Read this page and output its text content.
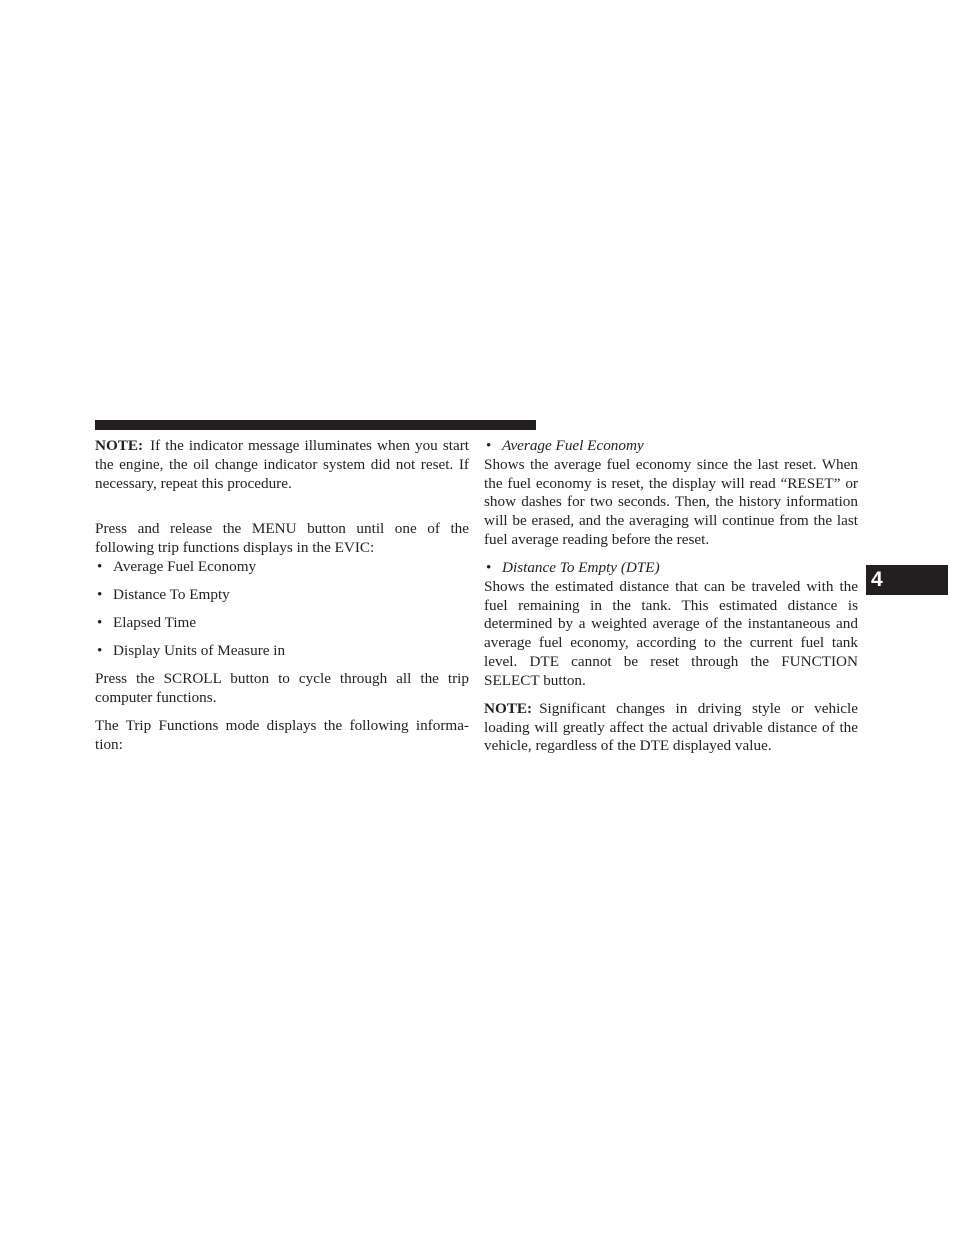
NOTE: If the indicator message illuminates when you start the engine, the oil change indicator system did not reset. If necessary, repeat this procedure.

Press and release the MENU button until one of the following trip functions displays in the EVIC:

• Average Fuel Economy
• Distance To Empty
• Elapsed Time
• Display Units of Measure in

Press the SCROLL button to cycle through all the trip computer functions.

The Trip Functions mode displays the following informa-tion:

• Average Fuel Economy

Shows the average fuel economy since the last reset. When the fuel economy is reset, the display will read “RESET” or show dashes for two seconds. Then, the history information will be erased, and the averaging will continue from the last fuel average reading before the reset.

• Distance To Empty (DTE)

Shows the estimated distance that can be traveled with the fuel remaining in the tank. This estimated distance is determined by a weighted average of the instantaneous and average fuel economy, according to the current fuel tank level. DTE cannot be reset through the FUNCTION SELECT button.

NOTE: Significant changes in driving style or vehicle loading will greatly affect the actual drivable distance of the vehicle, regardless of the DTE displayed value.

4
